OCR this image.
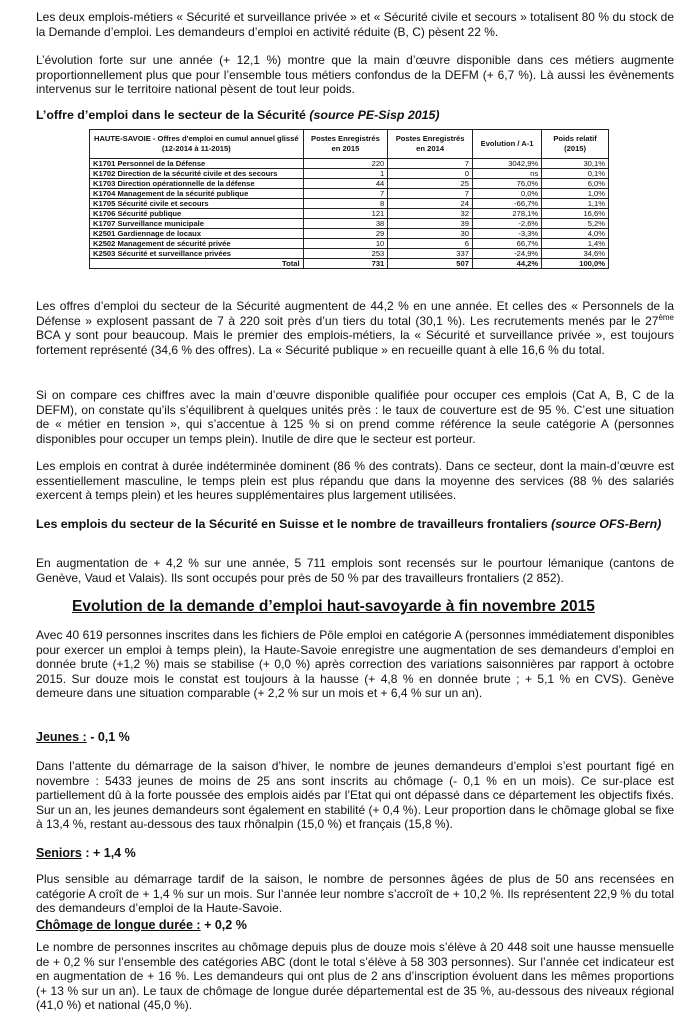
Les deux emplois-métiers « Sécurité et surveillance privée » et « Sécurité civile et secours » totalisent 80 % du stock de la Demande d’emploi. Les demandeurs d’emploi en activité réduite (B, C) pèsent 22 %.

L’évolution forte sur une année (+ 12,1 %) montre que la main d’œuvre disponible dans ces métiers augmente proportionnellement plus que pour l’ensemble tous métiers confondus de la DEFM (+ 6,7 %). Là aussi les évènements intervenus sur le territoire national pèsent de tout leur poids.

L’offre d’emploi dans le secteur de la Sécurité (source PE-Sisp 2015)

HAUTE-SAVOIE - Offres d'emploi en cumul annuel glissé (12-2014 à 11-2015)	Postes Enregistrés en 2015	Postes Enregistrés en 2014	Evolution / A-1	Poids relatif (2015)
K1701 Personnel de la Défense	220	7	3042,9%	30,1%
K1702 Direction de la sécurité civile et des secours	1	0	ns	0,1%
K1703 Direction opérationnelle de la défense	44	25	76,0%	6,0%
K1704 Management de la sécurité publique	7	7	0,0%	1,0%
K1705 Sécurité civile et secours	8	24	-66,7%	1,1%
K1706 Sécurité publique	121	32	278,1%	16,6%
K1707 Surveillance municipale	38	39	-2,6%	5,2%
K2501 Gardiennage de locaux	29	30	-3,3%	4,0%
K2502 Management de sécurité privée	10	6	66,7%	1,4%
K2503 Sécurité et surveillance privées	253	337	-24,9%	34,6%
Total	731	507	44,2%	100,0%

Les offres d’emploi du secteur de la Sécurité augmentent de 44,2 % en une année. Et celles des « Personnels de la Défense » explosent passant de 7 à 220 soit près d’un tiers du total (30,1 %). Les recrutements menés par le 27ème BCA y sont pour beaucoup. Mais le premier des emplois-métiers, la « Sécurité et surveillance privée », est toujours fortement représenté (34,6 % des offres). La « Sécurité publique » en recueille quant à elle 16,6 % du total.

Si on compare ces chiffres avec la main d’œuvre disponible qualifiée pour occuper ces emplois (Cat A, B, C de la DEFM), on constate qu’ils s’équilibrent à quelques unités près : le taux de couverture est de 95 %. C’est une situation de « métier en tension », qui s’accentue à 125 % si on prend comme référence la seule catégorie A (personnes disponibles pour occuper un temps plein). Inutile de dire que le secteur est porteur.

Les emplois en contrat à durée indéterminée dominent (86 % des contrats). Dans ce secteur, dont la main-d’œuvre est essentiellement masculine, le temps plein est plus répandu que dans la moyenne des services (88 % des salariés exercent à temps plein) et les heures supplémentaires plus largement utilisées.

Les emplois du secteur de la Sécurité en Suisse et le nombre de travailleurs frontaliers (source OFS-Bern)

En augmentation de + 4,2 % sur une année, 5 711 emplois sont recensés sur le pourtour lémanique (cantons de Genève, Vaud et Valais). Ils sont occupés pour près de 50 % par des travailleurs frontaliers (2 852).

Evolution de la demande d’emploi haut-savoyarde à fin novembre 2015

Avec 40 619 personnes inscrites dans les fichiers de Pôle emploi en catégorie A (personnes immédiatement disponibles pour exercer un emploi à temps plein), la Haute-Savoie enregistre une augmentation de ses demandeurs d’emploi en donnée brute (+1,2 %) mais se stabilise (+ 0,0 %) après correction des variations saisonnières par rapport à octobre 2015. Sur douze mois le constat est toujours à la hausse (+ 4,8 % en donnée brute ; + 5,1 % en CVS). Genève demeure dans une situation comparable (+ 2,2 % sur un mois et + 6,4 % sur un an).

Jeunes : - 0,1 %

Dans l’attente du démarrage de la saison d’hiver, le nombre de jeunes demandeurs d’emploi s’est pourtant figé en novembre : 5433 jeunes de moins de 25 ans sont inscrits au chômage (- 0,1 % en un mois). Ce sur-place est partiellement dû à la forte poussée des emplois aidés par l’Etat qui ont dépassé dans ce département les objectifs fixés. Sur un an, les jeunes demandeurs sont également en stabilité (+ 0,4 %). Leur proportion dans le chômage global se fixe à 13,4 %, restant au-dessous des taux rhônalpin (15,0 %) et français (15,8 %).

Seniors : + 1,4 %

Plus sensible au démarrage tardif de la saison, le nombre de personnes âgées de plus de 50 ans recensées en catégorie A croît de + 1,4 % sur un mois. Sur l’année leur nombre s’accroît de + 10,2 %. Ils représentent 22,9 % du total des demandeurs d’emploi de la Haute-Savoie.

Chômage de longue durée : + 0,2 %

Le nombre de personnes inscrites au chômage depuis plus de douze mois s’élève à 20 448 soit une hausse mensuelle de + 0,2 % sur l’ensemble des catégories ABC (dont le total s’élève à 58 303 personnes). Sur l’année cet indicateur est en augmentation de + 16 %. Les demandeurs qui ont plus de 2 ans d’inscription évoluent dans les mêmes proportions (+ 13 % sur un an). Le taux de chômage de longue durée départemental est de 35 %, au-dessous des niveaux régional (41,0 %) et national (45,0 %).
